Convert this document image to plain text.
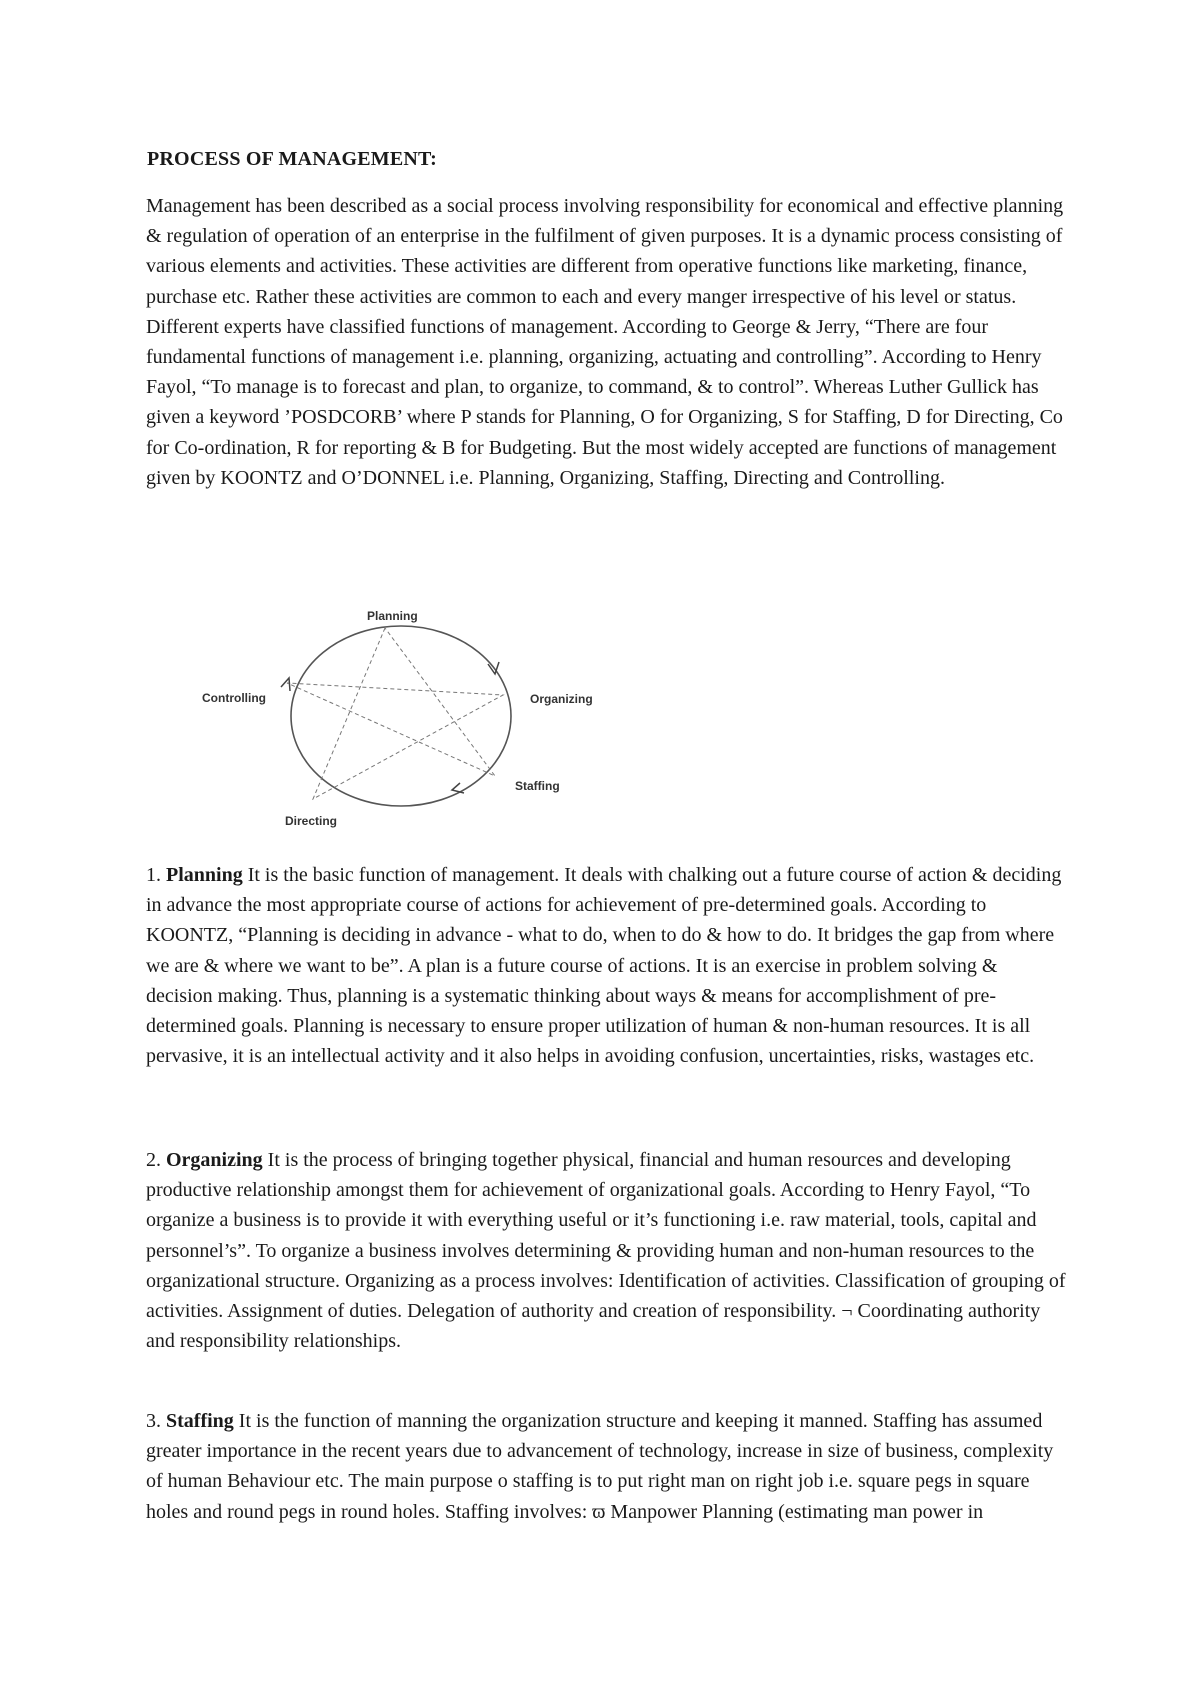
PROCESS OF MANAGEMENT:

Management has been described as a social process involving responsibility for economical and effective planning & regulation of operation of an enterprise in the fulfilment of given purposes. It is a dynamic process consisting of various elements and activities. These activities are different from operative functions like marketing, finance, purchase etc. Rather these activities are common to each and every manger irrespective of his level or status. Different experts have classified functions of management. According to George & Jerry, “There are four fundamental functions of management i.e. planning, organizing, actuating and controlling”. According to Henry Fayol, “To manage is to forecast and plan, to organize, to command, & to control”. Whereas Luther Gullick has given a keyword ’POSDCORB’ where P stands for Planning, O for Organizing, S for Staffing, D for Directing, Co for Co-ordination, R for reporting & B for Budgeting. But the most widely accepted are functions of management given by KOONTZ and O’DONNEL i.e. Planning, Organizing, Staffing, Directing and Controlling.

Planning
Organizing
Staffing
Directing
Controlling

1. Planning It is the basic function of management. It deals with chalking out a future course of action & deciding in advance the most appropriate course of actions for achievement of pre-determined goals. According to KOONTZ, “Planning is deciding in advance - what to do, when to do & how to do. It bridges the gap from where we are & where we want to be”. A plan is a future course of actions. It is an exercise in problem solving & decision making. Thus, planning is a systematic thinking about ways & means for accomplishment of pre-determined goals. Planning is necessary to ensure proper utilization of human & non-human resources. It is all pervasive, it is an intellectual activity and it also helps in avoiding confusion, uncertainties, risks, wastages etc.

2. Organizing It is the process of bringing together physical, financial and human resources and developing productive relationship amongst them for achievement of organizational goals. According to Henry Fayol, “To organize a business is to provide it with everything useful or it’s functioning i.e. raw material, tools, capital and personnel’s”. To organize a business involves determining & providing human and non-human resources to the organizational structure. Organizing as a process involves: Identification of activities. Classification of grouping of activities. Assignment of duties. Delegation of authority and creation of responsibility. ¬ Coordinating authority and responsibility relationships.

3. Staffing It is the function of manning the organization structure and keeping it manned. Staffing has assumed greater importance in the recent years due to advancement of technology, increase in size of business, complexity of human Behaviour etc. The main purpose o staffing is to put right man on right job i.e. square pegs in square holes and round pegs in round holes. Staffing involves: ϖ Manpower Planning (estimating man power in
